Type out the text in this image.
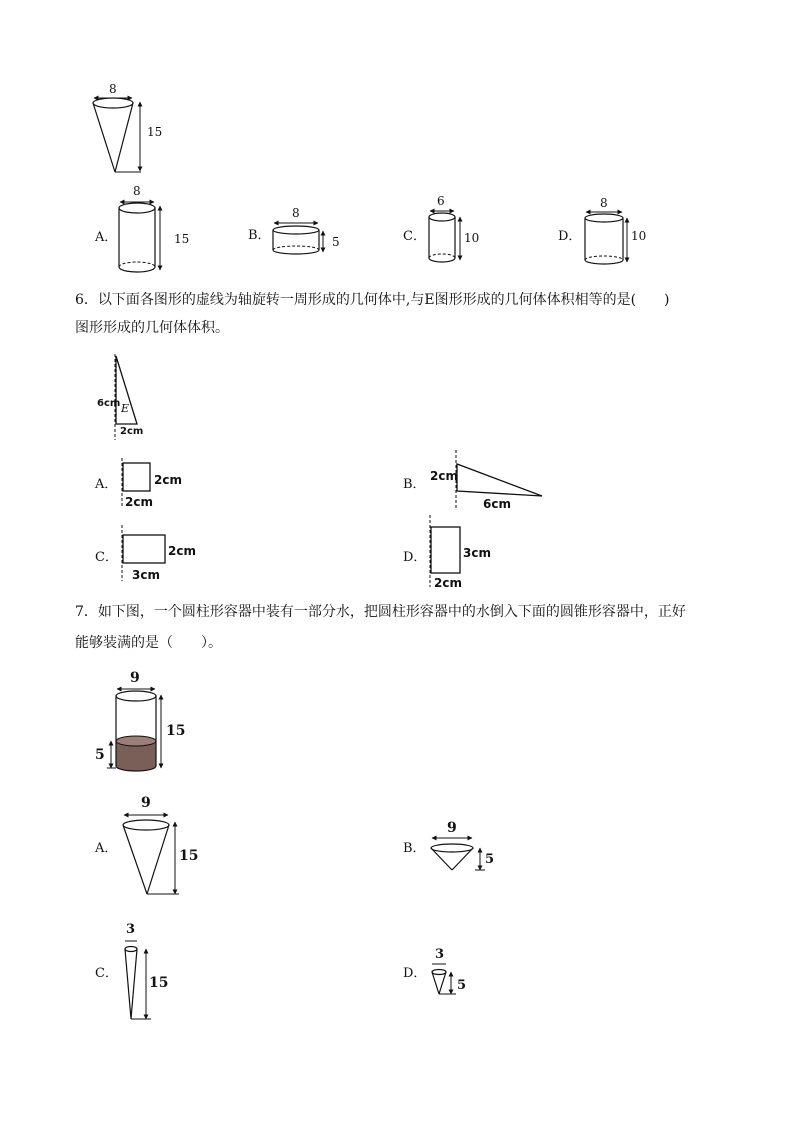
8
15
A．
8
15	B．
8
5	C．
6
10	D．
8
10
6．以下面各图形的虚线为轴旋转一周形成的几何体中,与E图形形成的几何体体积相等的是(　　)
图形形成的几何体体积。
6cm
2cm
E
A．	2cm
2cm
B．
2cm
6cm
C．	2cm
3cm
D．	3cm
2cm
7．如下图，一个圆柱形容器中装有一部分水，把圆柱形容器中的水倒入下面的圆锥形容器中，正好
能够装满的是（　　）。
9
15
5
A．
9
15	B．
9
5
C．
3
15
D．
3
5
